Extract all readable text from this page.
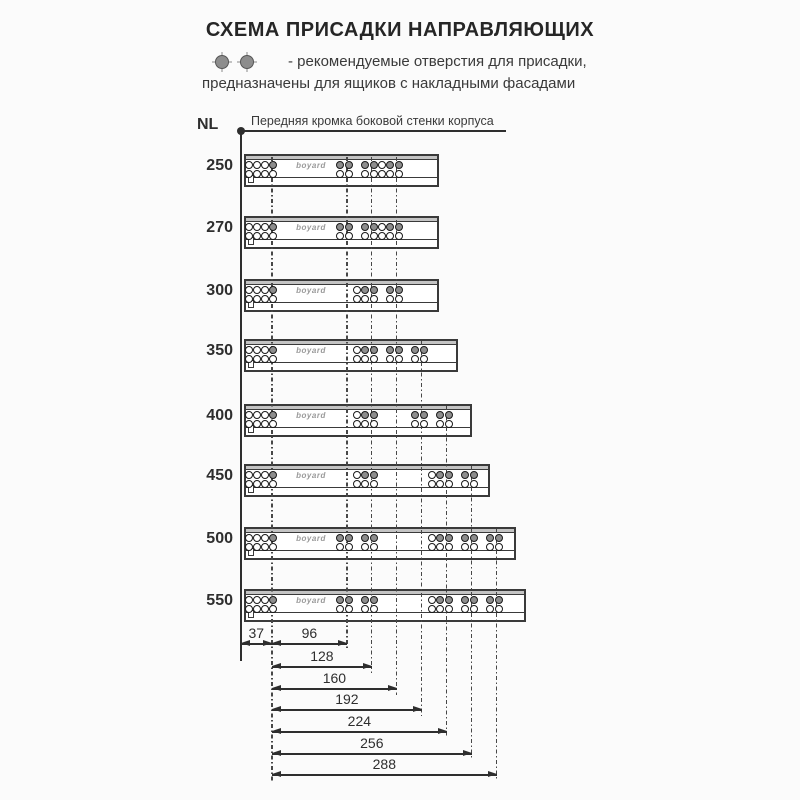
СХЕМА ПРИСАДКИ НАПРАВЛЯЮЩИХ
- рекомендуемые отверстия для присадки,
предназначены для ящиков с накладными фасадами
NL	Передняя кромка боковой стенки корпуса
250	boyard
270	boyard
300	boyard
350	boyard
400	boyard
450	boyard
500	boyard
550	boyard
37	96
128
160
192
224
256
288
